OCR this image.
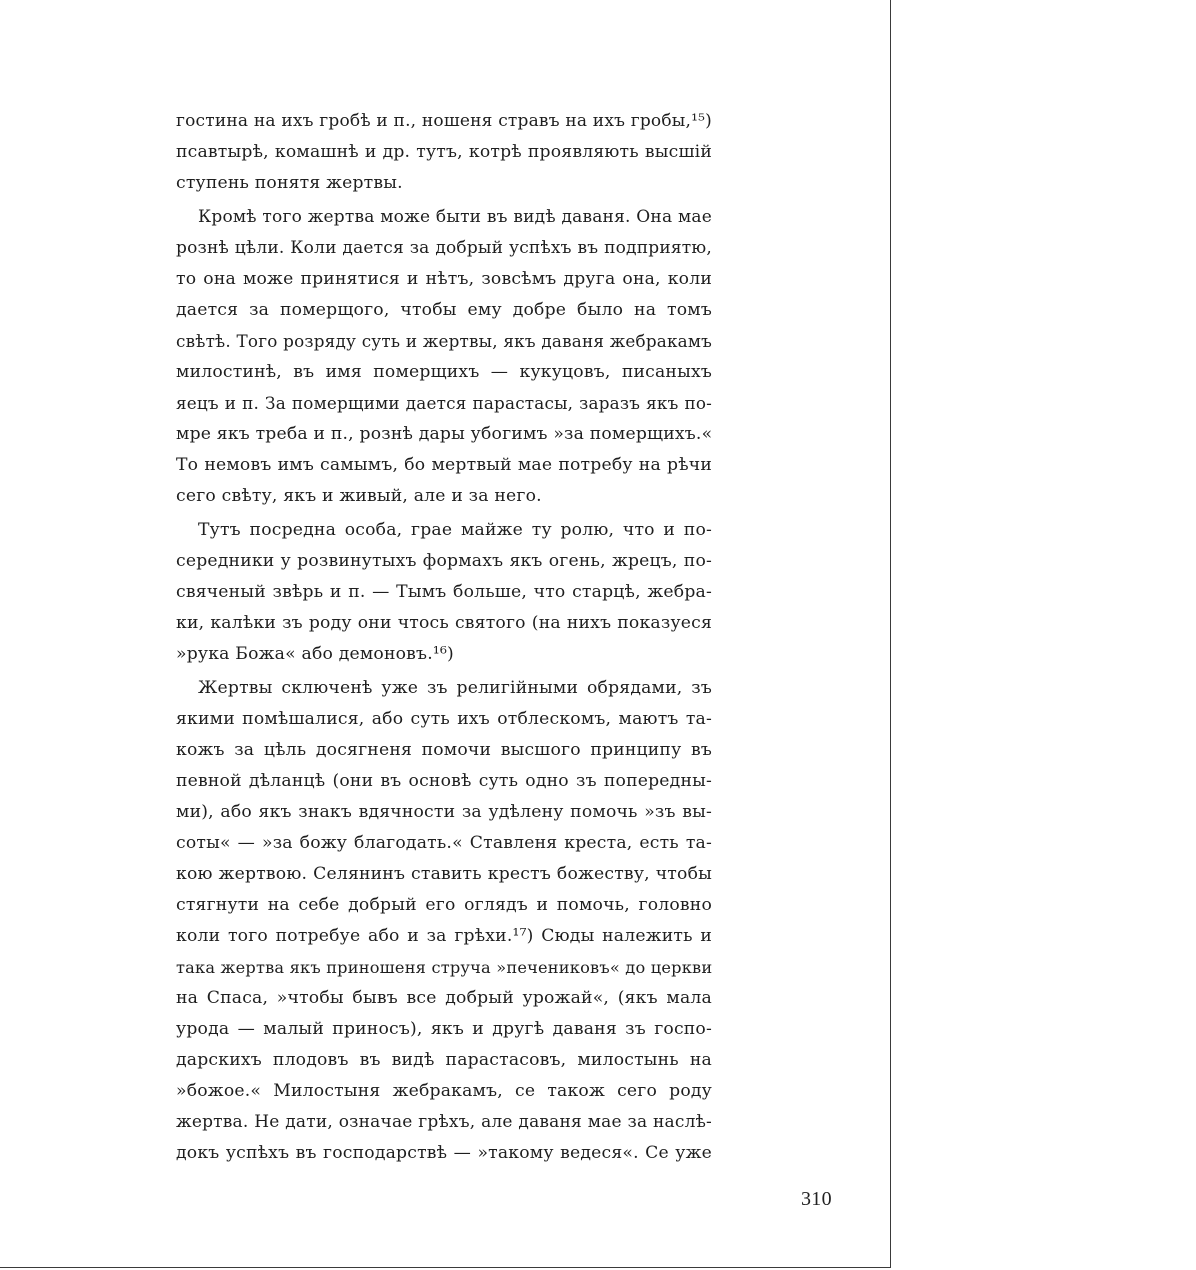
гостина на ихъ гробѣ и п., ношеня стравъ на ихъ гробы,¹⁵)
псавтырѣ, комашнѣ и др. тутъ, котрѣ проявляють высшій
ступень понятя жертвы.

Кромѣ того жертва може быти въ видѣ даваня. Она мае
рознѣ цѣли. Коли дается за добрый успѣхъ въ подприятю,
то она може принятися и нѣтъ, зовсѣмъ друга она, коли
дается за померщого, чтобы ему добре было на томъ
свѣтѣ. Того розряду суть и жертвы, якъ даваня жебракамъ
милостинѣ, въ имя померщихъ — кукуцовъ, писаныхъ
яецъ и п. За померщими дается парастасы, заразъ якъ по-
мре якъ треба и п., рознѣ дары убогимъ »за померщихъ.«
То немовъ имъ самымъ, бо мертвый мае потребу на рѣчи
сего свѣту, якъ и живый, але и за него.

Тутъ посредна особа, грае майже ту ролю, что и по-
середники у розвинутыхъ формахъ якъ огень, жрецъ, по-
свяченый звѣрь и п. — Тымъ больше, что старцѣ, жебра-
ки, калѣки зъ роду они чтось святого (на нихъ показуеся
»рука Божа« або демоновъ.¹⁶)

Жертвы сключенѣ уже зъ религійными обрядами, зъ
якими помѣшалися, або суть ихъ отблескомъ, маютъ та-
кожъ за цѣль досягненя помочи высшого принципу въ
певной дѣланцѣ (они въ основѣ суть одно зъ попередны-
ми), або якъ знакъ вдячности за удѣлену помочь »зъ вы-
соты« — »за божу благодать.« Ставленя креста, есть та-
кою жертвою. Селянинъ ставить крестъ божеству, чтобы
стягнути на себе добрый его оглядъ и помочь, головно
коли того потребуе або и за грѣхи.¹⁷) Сюды належить и
така жертва якъ приношеня струча »печениковъ« до церкви
на Спаса, »чтобы бывъ все добрый урожай«, (якъ мала
урода — малый приносъ), якъ и другѣ даваня зъ госпо-
дарскихъ плодовъ въ видѣ парастасовъ, милостынь на
»божое.« Милостыня жебракамъ, се також сего роду
жертва. Не дати, означае грѣхъ, але даваня мае за наслѣ-
докъ успѣхъ въ господарствѣ — »такому ведеся«. Се уже

310
